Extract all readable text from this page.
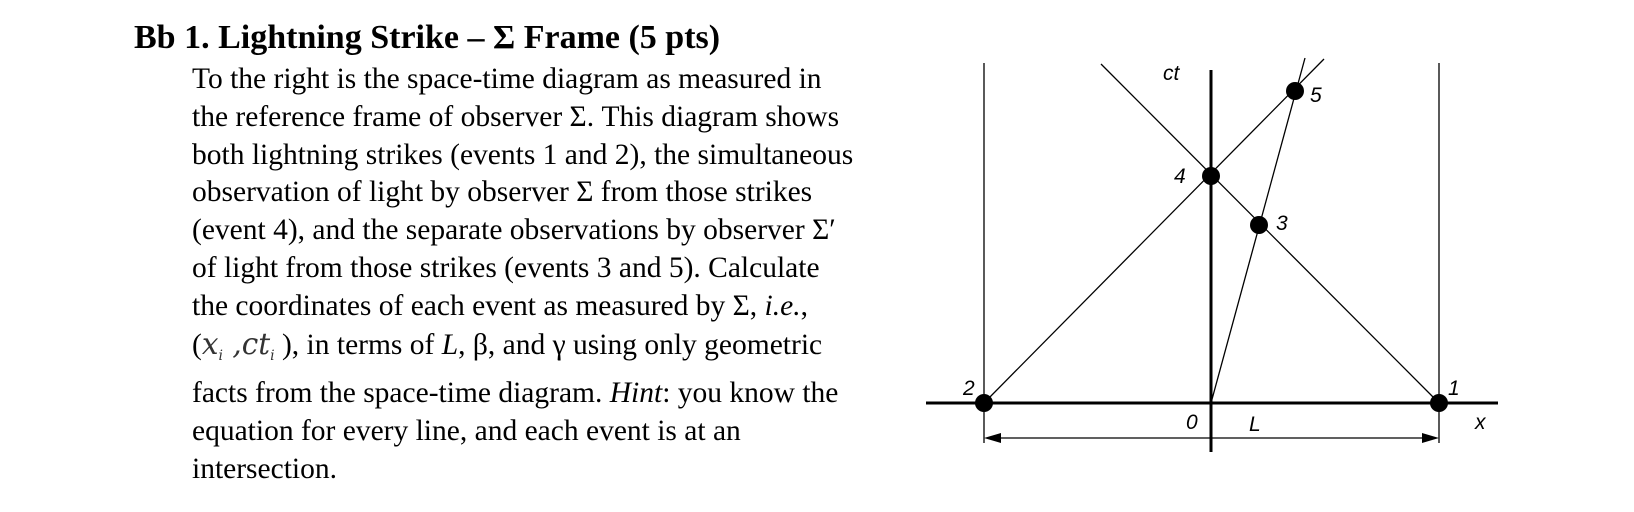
Bb 1. Lightning Strike – Σ Frame (5 pts)
To the right is the space-time diagram as measured in
the reference frame of observer Σ. This diagram shows
both lightning strikes (events 1 and 2), the simultaneous
observation of light by observer Σ from those strikes
(event 4), and the separate observations by observer Σ′
of light from those strikes (events 3 and 5). Calculate
the coordinates of each event as measured by Σ, i.e.,
($x_i$ $,ct_i$ ), in terms of L, β, and γ using only geometric
facts from the space-time diagram. Hint: you know the
equation for every line, and each event is at an
intersection.
ct
x
0 L
1
2
3
4
5
